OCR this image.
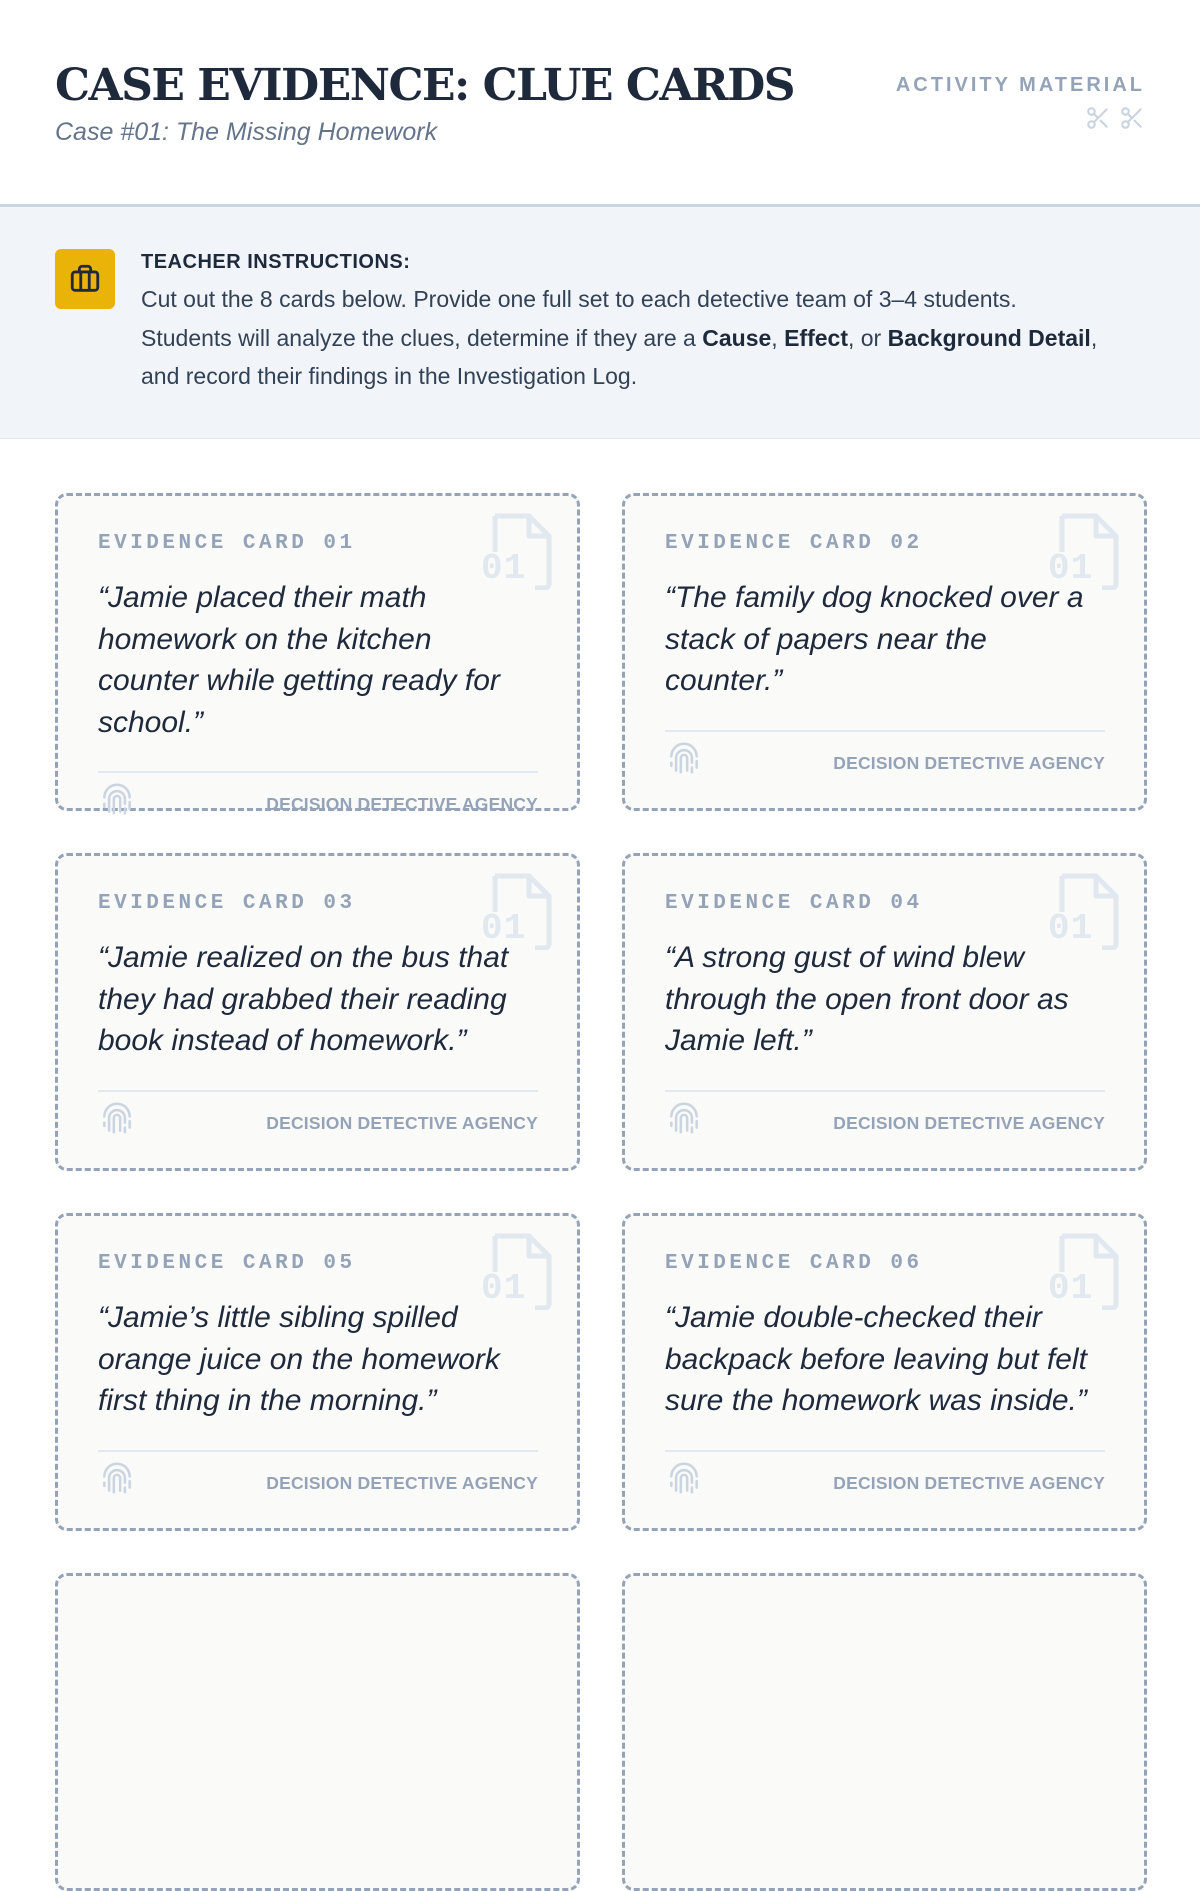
CASE EVIDENCE: CLUE CARDS
Case #01: The Missing Homework
ACTIVITY MATERIAL
TEACHER INSTRUCTIONS:
Cut out the 8 cards below. Provide one full set to each detective team of 3–4 students. Students will analyze the clues, determine if they are a Cause, Effect, or Background Detail, and record their findings in the Investigation Log.
01
EVIDENCE CARD 01
“Jamie placed their math homework on the kitchen counter while getting ready for school.”
DECISION DETECTIVE AGENCY
01
EVIDENCE CARD 02
“The family dog knocked over a stack of papers near the counter.”
DECISION DETECTIVE AGENCY
01
EVIDENCE CARD 03
“Jamie realized on the bus that they had grabbed their reading book instead of homework.”
DECISION DETECTIVE AGENCY
01
EVIDENCE CARD 04
“A strong gust of wind blew through the open front door as Jamie left.”
DECISION DETECTIVE AGENCY
01
EVIDENCE CARD 05
“Jamie’s little sibling spilled orange juice on the homework first thing in the morning.”
DECISION DETECTIVE AGENCY
01
EVIDENCE CARD 06
“Jamie double-checked their backpack before leaving but felt sure the homework was inside.”
DECISION DETECTIVE AGENCY
